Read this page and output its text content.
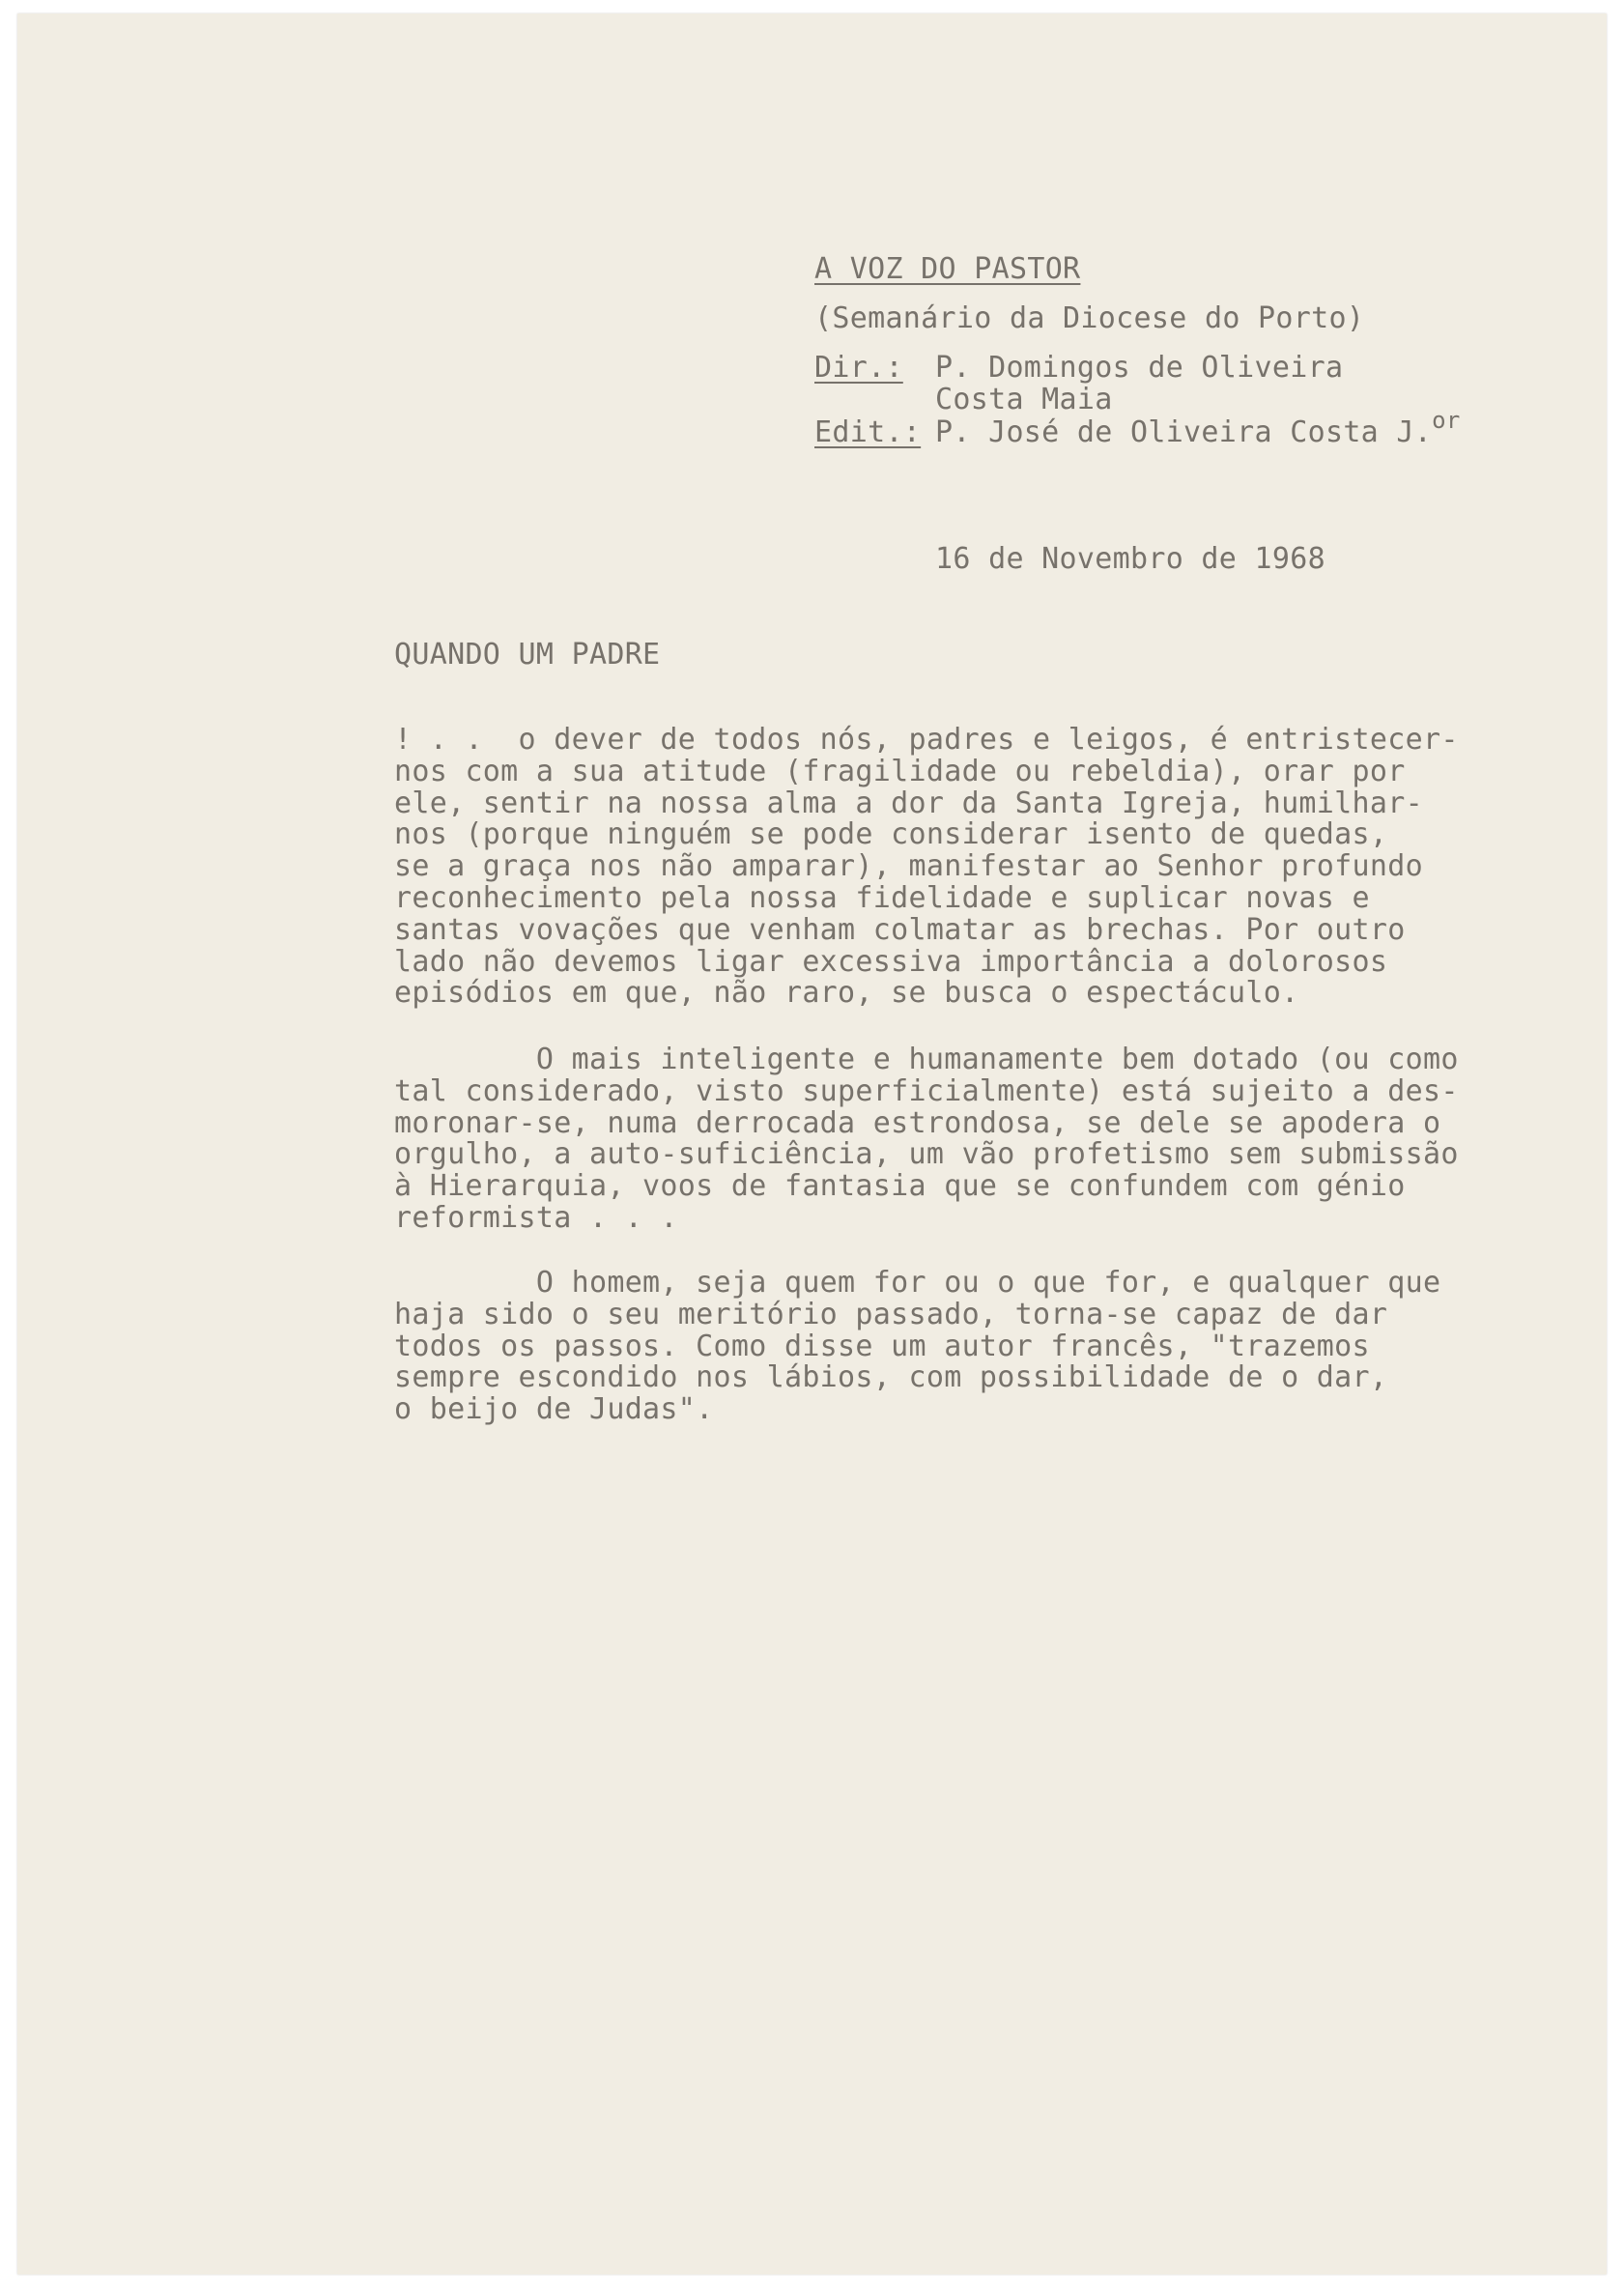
A VOZ DO PASTOR
(Semanário da Diocese do Porto)
Dir.: P. Domingos de Oliveira
Costa Maia
Edit.: P. José de Oliveira Costa J.$^{or}$
16 de Novembro de 1968
QUANDO UM PADRE
! . .  o dever de todos nós, padres e leigos, é entristecer-
nos com a sua atitude (fragilidade ou rebeldia), orar por
ele, sentir na nossa alma a dor da Santa Igreja, humilhar-
nos (porque ninguém se pode considerar isento de quedas,
se a graça nos não amparar), manifestar ao Senhor profundo
reconhecimento pela nossa fidelidade e suplicar novas e
santas vovações que venham colmatar as brechas. Por outro
lado não devemos ligar excessiva importância a dolorosos
episódios em que, não raro, se busca o espectáculo.
O mais inteligente e humanamente bem dotado (ou como
tal considerado, visto superficialmente) está sujeito a des-
moronar-se, numa derrocada estrondosa, se dele se apodera o
orgulho, a auto-suficiência, um vão profetismo sem submissão
à Hierarquia, voos de fantasia que se confundem com génio
reformista . . .
O homem, seja quem for ou o que for, e qualquer que
haja sido o seu meritório passado, torna-se capaz de dar
todos os passos. Como disse um autor francês, "trazemos
sempre escondido nos lábios, com possibilidade de o dar,
o beijo de Judas".
